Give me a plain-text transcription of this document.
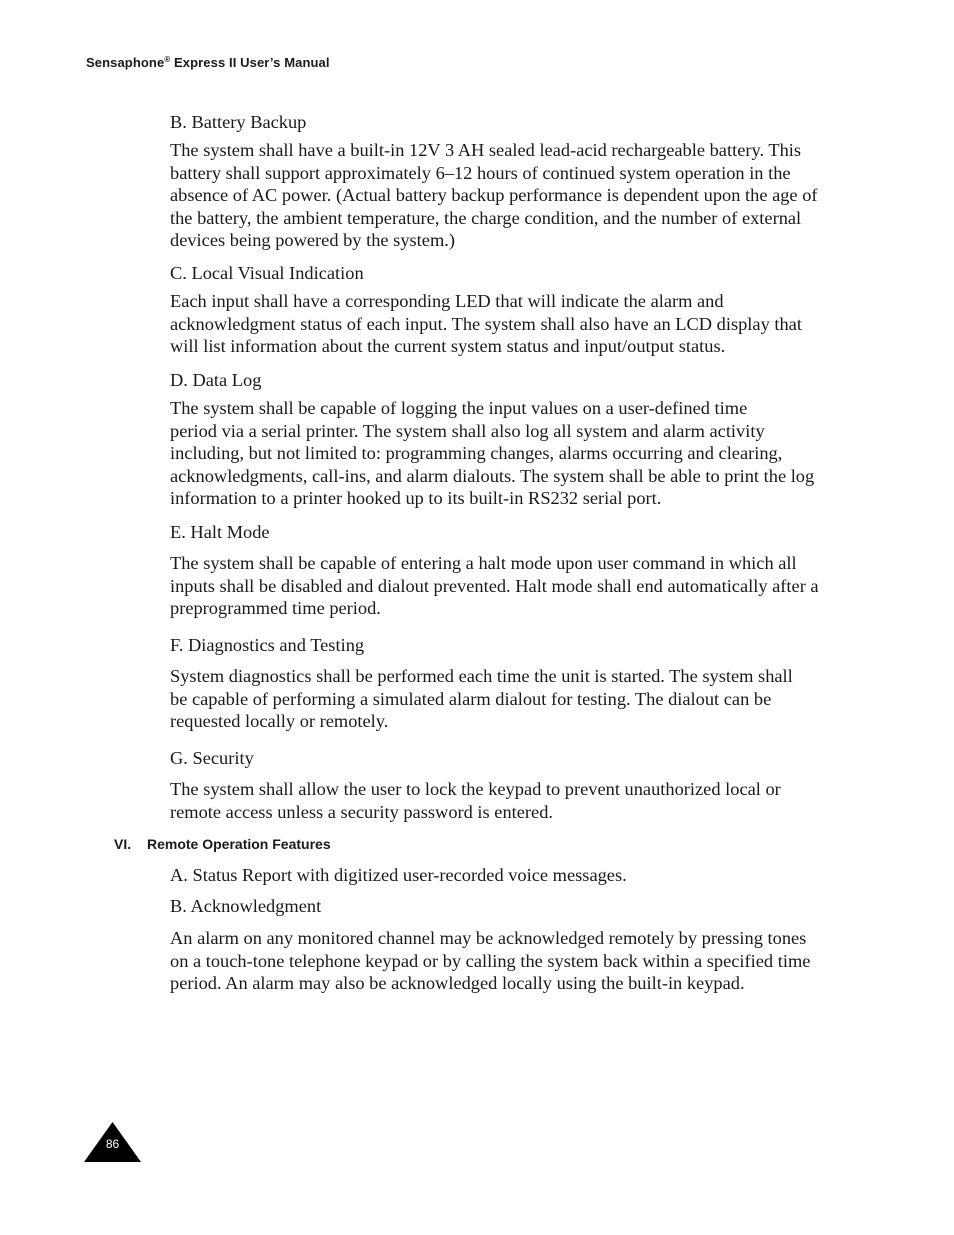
Sensaphone® Express II User’s Manual
B. Battery Backup
The system shall have a built-in 12V 3 AH sealed lead-acid rechargeable battery. This
battery shall support approximately 6–12 hours of continued system operation in the
absence of AC power. (Actual battery backup performance is dependent upon the age of
the battery, the ambient temperature, the charge condition, and the number of external
devices being powered by the system.)
C. Local Visual Indication
Each input shall have a corresponding LED that will indicate the alarm and
acknowledgment status of each input. The system shall also have an LCD display that
will list information about the current system status and input/output status.
D. Data Log
The system shall be capable of logging the input values on a user-defined time
period via a serial printer. The system shall also log all system and alarm activity
including, but not limited to: programming changes, alarms occurring and clearing,
acknowledgments, call-ins, and alarm dialouts. The system shall be able to print the log
information to a printer hooked up to its built-in RS232 serial port.
E. Halt Mode
The system shall be capable of entering a halt mode upon user command in which all
inputs shall be disabled and dialout prevented. Halt mode shall end automatically after a
preprogrammed time period.
F. Diagnostics and Testing
System diagnostics shall be performed each time the unit is started. The system shall
be capable of performing a simulated alarm dialout for testing. The dialout can be
requested locally or remotely.
G. Security
The system shall allow the user to lock the keypad to prevent unauthorized local or
remote access unless a security password is entered.
VI. Remote Operation Features
A. Status Report with digitized user-recorded voice messages.
B. Acknowledgment
An alarm on any monitored channel may be acknowledged remotely by pressing tones
on a touch-tone telephone keypad or by calling the system back within a specified time
period. An alarm may also be acknowledged locally using the built-in keypad.
86
